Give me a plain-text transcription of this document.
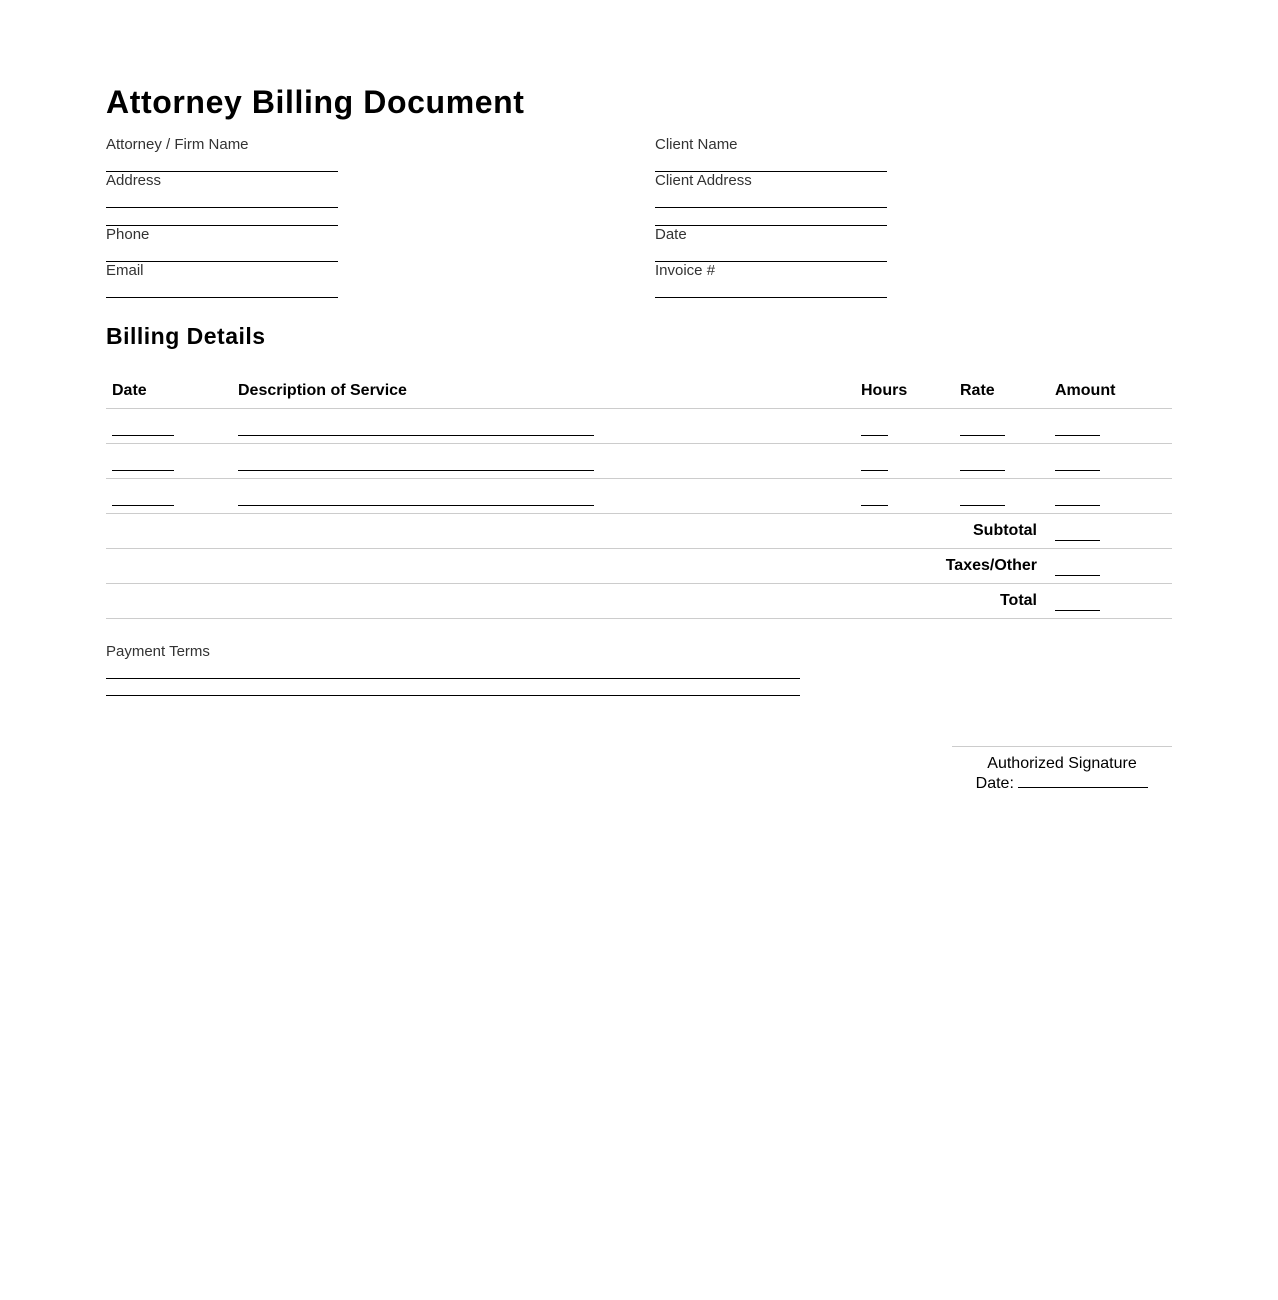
Attorney Billing Document
Attorney / Firm Name
Address
Phone
Email
Client Name
Client Address
Date
Invoice #
Billing Details
Date	Description of Service	Hours	Rate	Amount

Subtotal				
Taxes/Other				
Total				
Payment Terms
Authorized Signature
Date:
